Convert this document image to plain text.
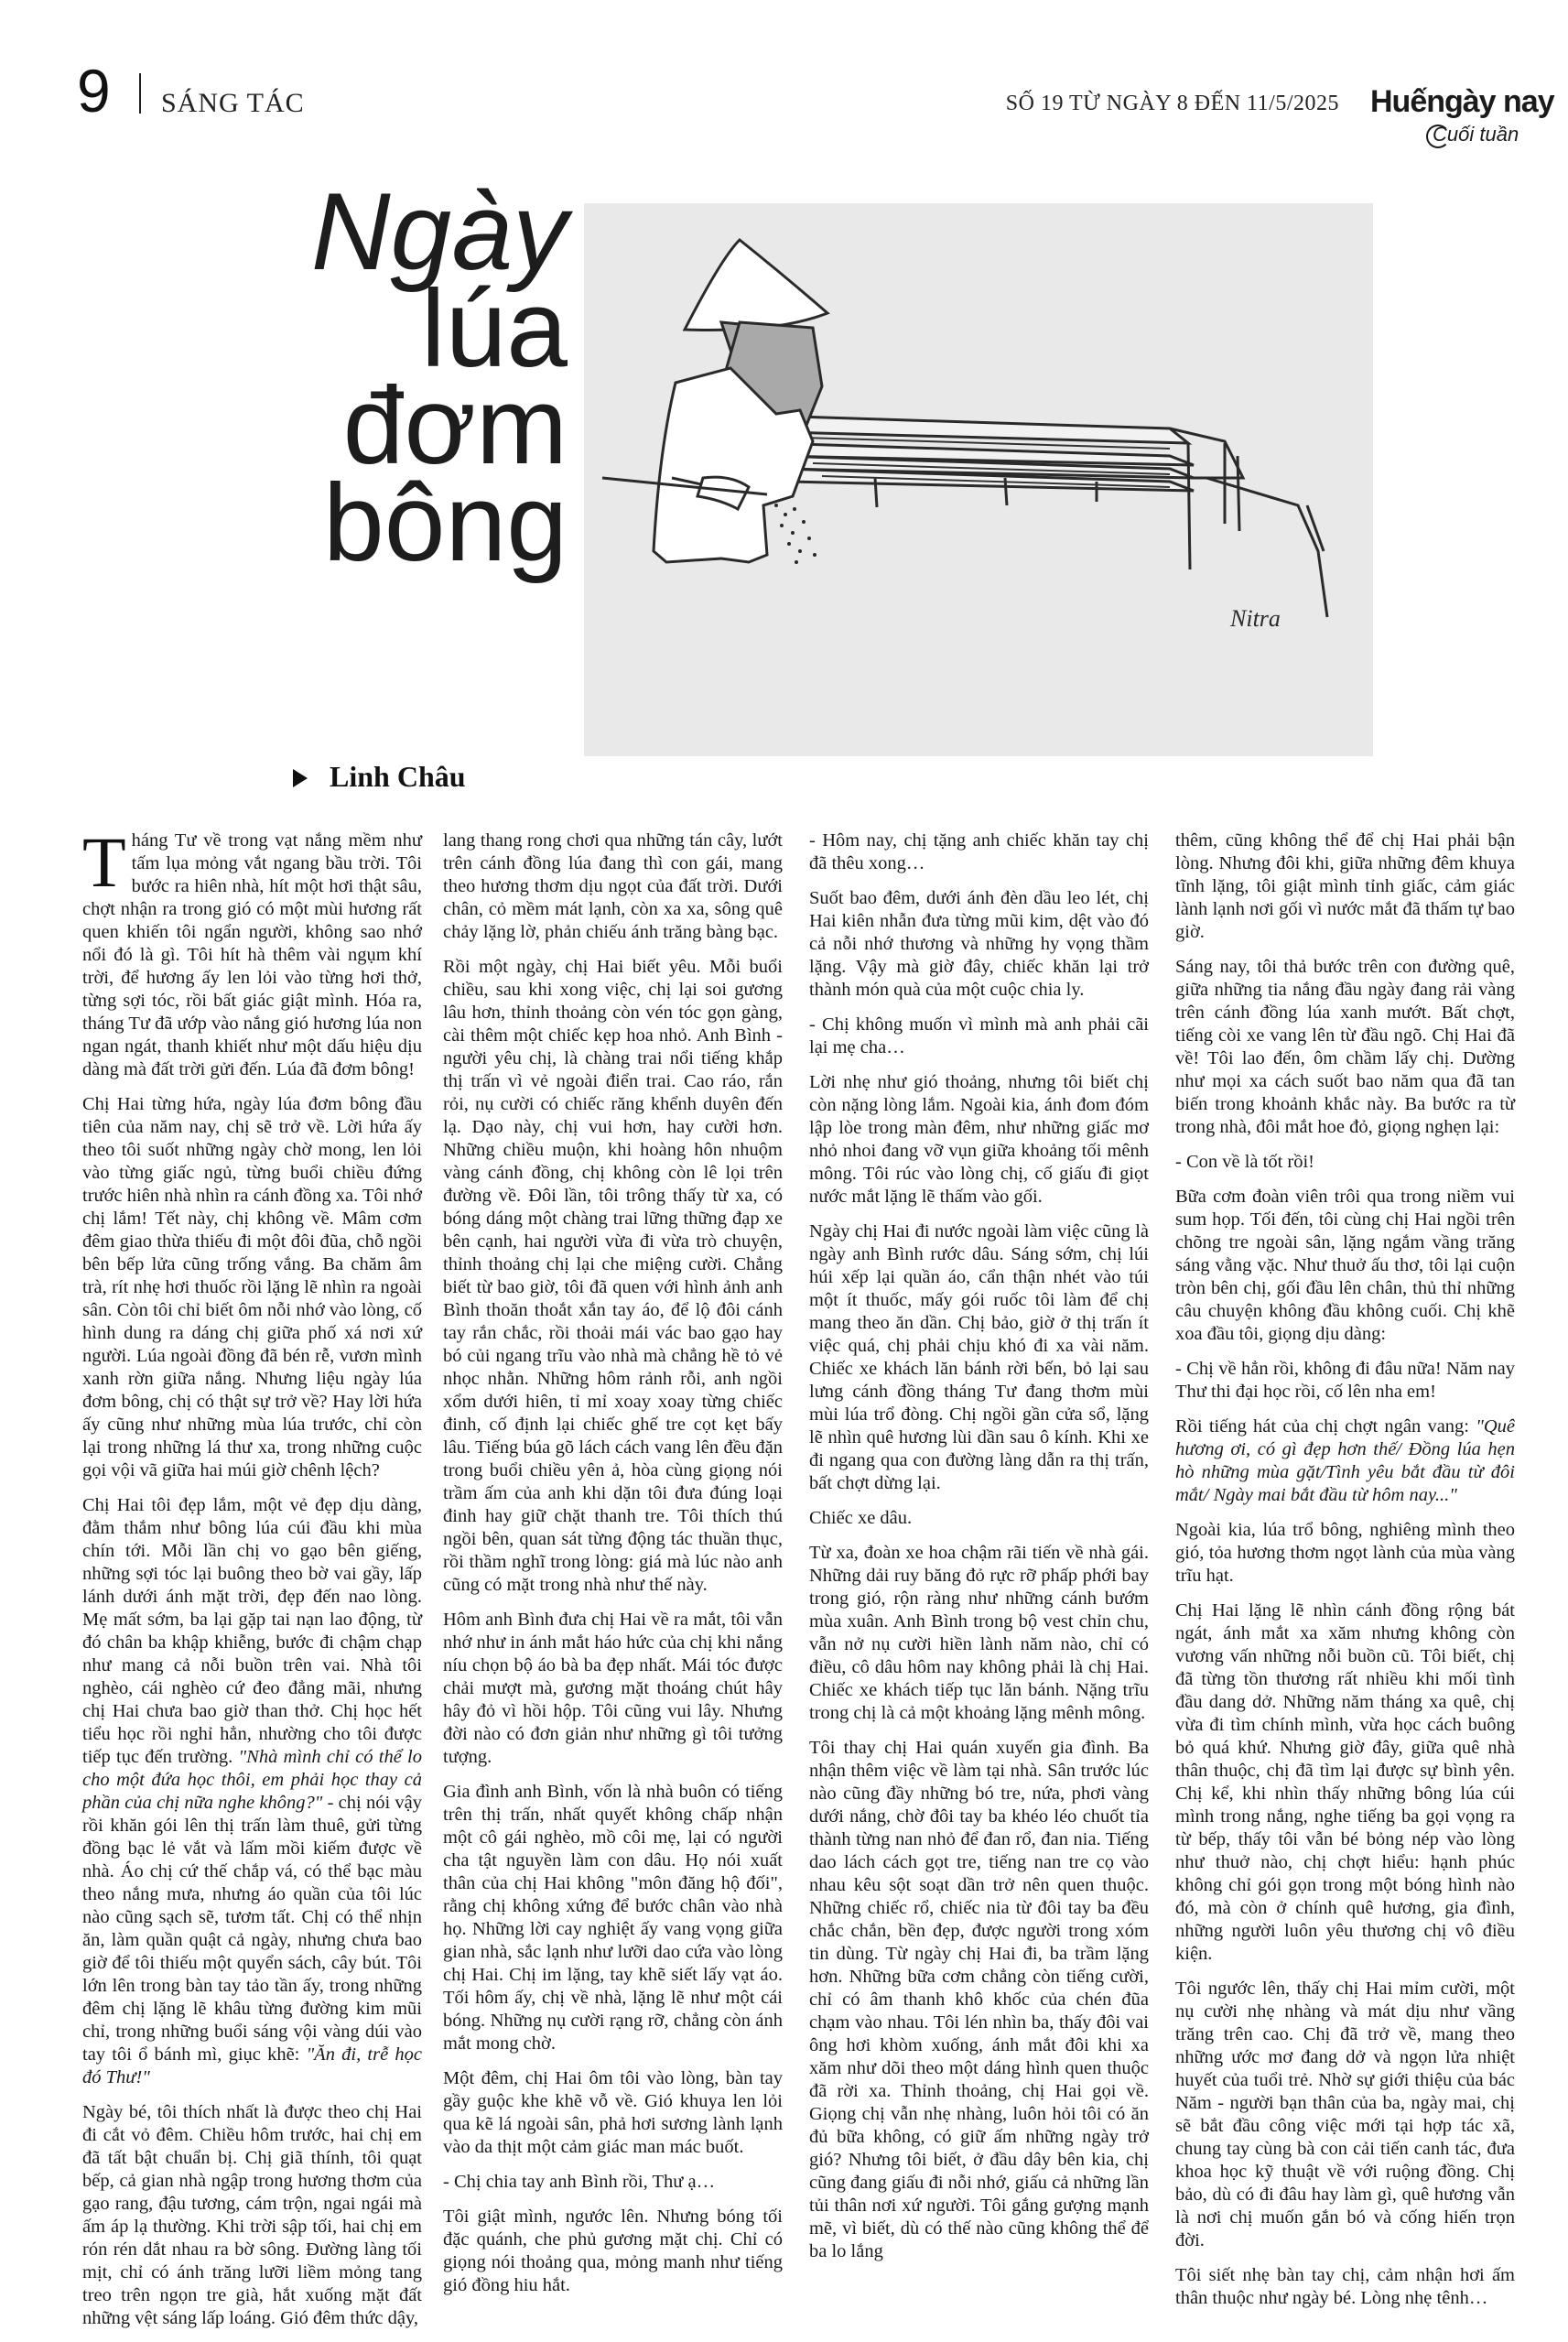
9 SÁNG TÁC	SỐ 19 TỪ NGÀY 8 ĐẾN 11/5/2025 Huếngày nay
Cuối tuần
Ngày
lúa
đơm
bông
Nitra
Linh Châu

Tháng Tư về trong vạt nắng mềm như tấm lụa mỏng vắt ngang bầu trời. Tôi bước ra hiên nhà, hít một hơi thật sâu, chợt nhận ra trong gió có một mùi hương rất quen khiến tôi ngẩn người, không sao nhớ nổi đó là gì. Tôi hít hà thêm vài ngụm khí trời, để hương ấy len lỏi vào từng hơi thở, từng sợi tóc, rồi bất giác giật mình. Hóa ra, tháng Tư đã ướp vào nắng gió hương lúa non ngan ngát, thanh khiết như một dấu hiệu dịu dàng mà đất trời gửi đến. Lúa đã đơm bông!

Chị Hai từng hứa, ngày lúa đơm bông đầu tiên của năm nay, chị sẽ trở về. Lời hứa ấy theo tôi suốt những ngày chờ mong, len lỏi vào từng giấc ngủ, từng buổi chiều đứng trước hiên nhà nhìn ra cánh đồng xa. Tôi nhớ chị lắm! Tết này, chị không về. Mâm cơm đêm giao thừa thiếu đi một đôi đũa, chỗ ngồi bên bếp lửa cũng trống vắng. Ba chăm âm trà, rít nhẹ hơi thuốc rồi lặng lẽ nhìn ra ngoài sân. Còn tôi chỉ biết ôm nỗi nhớ vào lòng, cố hình dung ra dáng chị giữa phố xá nơi xứ người. Lúa ngoài đồng đã bén rễ, vươn mình xanh rờn giữa nắng. Nhưng liệu ngày lúa đơm bông, chị có thật sự trở về? Hay lời hứa ấy cũng như những mùa lúa trước, chỉ còn lại trong những lá thư xa, trong những cuộc gọi vội vã giữa hai múi giờ chênh lệch?

Chị Hai tôi đẹp lắm, một vẻ đẹp dịu dàng, đằm thắm như bông lúa cúi đầu khi mùa chín tới. Mỗi lần chị vo gạo bên giếng, những sợi tóc lại buông theo bờ vai gầy, lấp lánh dưới ánh mặt trời, đẹp đến nao lòng. Mẹ mất sớm, ba lại gặp tai nạn lao động, từ đó chân ba khập khiễng, bước đi chậm chạp như mang cả nỗi buồn trên vai. Nhà tôi nghèo, cái nghèo cứ đeo đẳng mãi, nhưng chị Hai chưa bao giờ than thở. Chị học hết tiểu học rồi nghỉ hẳn, nhường cho tôi được tiếp tục đến trường. "Nhà mình chỉ có thể lo cho một đứa học thôi, em phải học thay cả phần của chị nữa nghe không?" - chị nói vậy rồi khăn gói lên thị trấn làm thuê, gửi từng đồng bạc lẻ vắt và lấm mồi kiếm được về nhà. Áo chị cứ thế chắp vá, có thể bạc màu theo nắng mưa, nhưng áo quần của tôi lúc nào cũng sạch sẽ, tươm tất. Chị có thể nhịn ăn, làm quần quật cả ngày, nhưng chưa bao giờ để tôi thiếu một quyển sách, cây bút. Tôi lớn lên trong bàn tay tảo tần ấy, trong những đêm chị lặng lẽ khâu từng đường kim mũi chỉ, trong những buổi sáng vội vàng dúi vào tay tôi ổ bánh mì, giục khẽ: "Ăn đi, trễ học đó Thư!"

Ngày bé, tôi thích nhất là được theo chị Hai đi cắt vỏ đêm. Chiều hôm trước, hai chị em đã tất bật chuẩn bị. Chị giã thính, tôi quạt bếp, cả gian nhà ngập trong hương thơm của gạo rang, đậu tương, cám trộn, ngai ngái mà ấm áp lạ thường. Khi trời sập tối, hai chị em rón rén dắt nhau ra bờ sông. Đường làng tối mịt, chỉ có ánh trăng lưỡi liềm mỏng tang treo trên ngọn tre già, hắt xuống mặt đất những vệt sáng lấp loáng. Gió đêm thức dậy,

lang thang rong chơi qua những tán cây, lướt trên cánh đồng lúa đang thì con gái, mang theo hương thơm dịu ngọt của đất trời. Dưới chân, cỏ mềm mát lạnh, còn xa xa, sông quê chảy lặng lờ, phản chiếu ánh trăng bàng bạc.

Rồi một ngày, chị Hai biết yêu. Mỗi buổi chiều, sau khi xong việc, chị lại soi gương lâu hơn, thỉnh thoảng còn vén tóc gọn gàng, cài thêm một chiếc kẹp hoa nhỏ. Anh Bình - người yêu chị, là chàng trai nổi tiếng khắp thị trấn vì vẻ ngoài điển trai. Cao ráo, rắn rỏi, nụ cười có chiếc răng khểnh duyên đến lạ. Dạo này, chị vui hơn, hay cười hơn. Những chiều muộn, khi hoàng hôn nhuộm vàng cánh đồng, chị không còn lê lọi trên đường về. Đôi lần, tôi trông thấy từ xa, có bóng dáng một chàng trai lững thững đạp xe bên cạnh, hai người vừa đi vừa trò chuyện, thỉnh thoảng chị lại che miệng cười. Chẳng biết từ bao giờ, tôi đã quen với hình ảnh anh Bình thoăn thoắt xắn tay áo, để lộ đôi cánh tay rắn chắc, rồi thoải mái vác bao gạo hay bó củi ngang trĩu vào nhà mà chẳng hề tỏ vẻ nhọc nhằn. Những hôm rảnh rỗi, anh ngồi xổm dưới hiên, tỉ mỉ xoay xoay từng chiếc đinh, cố định lại chiếc ghế tre cọt kẹt bấy lâu. Tiếng búa gõ lách cách vang lên đều đặn trong buổi chiều yên ả, hòa cùng giọng nói trầm ấm của anh khi dặn tôi đưa đúng loại đinh hay giữ chặt thanh tre. Tôi thích thú ngồi bên, quan sát từng động tác thuần thục, rồi thầm nghĩ trong lòng: giá mà lúc nào anh cũng có mặt trong nhà như thế này.

Hôm anh Bình đưa chị Hai về ra mắt, tôi vẫn nhớ như in ánh mắt háo hức của chị khi nắng níu chọn bộ áo bà ba đẹp nhất. Mái tóc được chải mượt mà, gương mặt thoáng chút hây hây đỏ vì hồi hộp. Tôi cũng vui lây. Nhưng đời nào có đơn giản như những gì tôi tưởng tượng.

Gia đình anh Bình, vốn là nhà buôn có tiếng trên thị trấn, nhất quyết không chấp nhận một cô gái nghèo, mồ côi mẹ, lại có người cha tật nguyền làm con dâu. Họ nói xuất thân của chị Hai không "môn đăng hộ đối", rằng chị không xứng để bước chân vào nhà họ. Những lời cay nghiệt ấy vang vọng giữa gian nhà, sắc lạnh như lưỡi dao cứa vào lòng chị Hai. Chị im lặng, tay khẽ siết lấy vạt áo. Tối hôm ấy, chị về nhà, lặng lẽ như một cái bóng. Những nụ cười rạng rỡ, chẳng còn ánh mắt mong chờ.

Một đêm, chị Hai ôm tôi vào lòng, bàn tay gầy guộc khe khẽ vỗ về. Gió khuya len lỏi qua kẽ lá ngoài sân, phả hơi sương lành lạnh vào da thịt một cảm giác man mác buốt.

- Chị chia tay anh Bình rồi, Thư ạ…

Tôi giật mình, ngước lên. Nhưng bóng tối đặc quánh, che phủ gương mặt chị. Chỉ có giọng nói thoảng qua, mỏng manh như tiếng gió đồng hiu hắt.

- Hôm nay, chị tặng anh chiếc khăn tay chị đã thêu xong…

Suốt bao đêm, dưới ánh đèn dầu leo lét, chị Hai kiên nhẫn đưa từng mũi kim, dệt vào đó cả nỗi nhớ thương và những hy vọng thầm lặng. Vậy mà giờ đây, chiếc khăn lại trở thành món quà của một cuộc chia ly.

- Chị không muốn vì mình mà anh phải cãi lại mẹ cha…

Lời nhẹ như gió thoảng, nhưng tôi biết chị còn nặng lòng lắm. Ngoài kia, ánh đom đóm lập lòe trong màn đêm, như những giấc mơ nhỏ nhoi đang vỡ vụn giữa khoảng tối mênh mông. Tôi rúc vào lòng chị, cố giấu đi giọt nước mắt lặng lẽ thấm vào gối.

Ngày chị Hai đi nước ngoài làm việc cũng là ngày anh Bình rước dâu. Sáng sớm, chị lúi húi xếp lại quần áo, cẩn thận nhét vào túi một ít thuốc, mấy gói ruốc tôi làm để chị mang theo ăn dần. Chị bảo, giờ ở thị trấn ít việc quá, chị phải chịu khó đi xa vài năm. Chiếc xe khách lăn bánh rời bến, bỏ lại sau lưng cánh đồng tháng Tư đang thơm mùi mùi lúa trổ đòng. Chị ngồi gần cửa sổ, lặng lẽ nhìn quê hương lùi dần sau ô kính. Khi xe đi ngang qua con đường làng dẫn ra thị trấn, bất chợt dừng lại.

Chiếc xe dâu.

Từ xa, đoàn xe hoa chậm rãi tiến về nhà gái. Những dải ruy băng đỏ rực rỡ phấp phới bay trong gió, rộn ràng như những cánh bướm mùa xuân. Anh Bình trong bộ vest chỉn chu, vẫn nở nụ cười hiền lành năm nào, chỉ có điều, cô dâu hôm nay không phải là chị Hai. Chiếc xe khách tiếp tục lăn bánh. Nặng trĩu trong chị là cả một khoảng lặng mênh mông.

Tôi thay chị Hai quán xuyến gia đình. Ba nhận thêm việc về làm tại nhà. Sân trước lúc nào cũng đầy những bó tre, nứa, phơi vàng dưới nắng, chờ đôi tay ba khéo léo chuốt tỉa thành từng nan nhỏ để đan rổ, đan nia. Tiếng dao lách cách gọt tre, tiếng nan tre cọ vào nhau kêu sột soạt dần trở nên quen thuộc. Những chiếc rổ, chiếc nia từ đôi tay ba đều chắc chắn, bền đẹp, được người trong xóm tin dùng. Từ ngày chị Hai đi, ba trầm lặng hơn. Những bữa cơm chẳng còn tiếng cười, chỉ có âm thanh khô khốc của chén đũa chạm vào nhau. Tôi lén nhìn ba, thấy đôi vai ông hơi khòm xuống, ánh mắt đôi khi xa xăm như dõi theo một dáng hình quen thuộc đã rời xa. Thỉnh thoảng, chị Hai gọi về. Giọng chị vẫn nhẹ nhàng, luôn hỏi tôi có ăn đủ bữa không, có giữ ấm những ngày trở gió? Nhưng tôi biết, ở đầu dây bên kia, chị cũng đang giấu đi nỗi nhớ, giấu cả những lần tủi thân nơi xứ người. Tôi gắng gượng mạnh mẽ, vì biết, dù có thế nào cũng không thể để ba lo lắng

thêm, cũng không thể để chị Hai phải bận lòng. Nhưng đôi khi, giữa những đêm khuya tĩnh lặng, tôi giật mình tỉnh giấc, cảm giác lành lạnh nơi gối vì nước mắt đã thấm tự bao giờ.

Sáng nay, tôi thả bước trên con đường quê, giữa những tia nắng đầu ngày đang rải vàng trên cánh đồng lúa xanh mướt. Bất chợt, tiếng còi xe vang lên từ đầu ngõ. Chị Hai đã về! Tôi lao đến, ôm chầm lấy chị. Dường như mọi xa cách suốt bao năm qua đã tan biến trong khoảnh khắc này. Ba bước ra từ trong nhà, đôi mắt hoe đỏ, giọng nghẹn lại:

- Con về là tốt rồi!

Bữa cơm đoàn viên trôi qua trong niềm vui sum họp. Tối đến, tôi cùng chị Hai ngồi trên chõng tre ngoài sân, lặng ngắm vầng trăng sáng vằng vặc. Như thuở ấu thơ, tôi lại cuộn tròn bên chị, gối đầu lên chân, thủ thỉ những câu chuyện không đầu không cuối. Chị khẽ xoa đầu tôi, giọng dịu dàng:

- Chị về hẳn rồi, không đi đâu nữa! Năm nay Thư thi đại học rồi, cố lên nha em!

Rồi tiếng hát của chị chợt ngân vang: "Quê hương ơi, có gì đẹp hơn thế/ Đồng lúa hẹn hò những mùa gặt/Tình yêu bắt đầu từ đôi mắt/ Ngày mai bắt đầu từ hôm nay..."

Ngoài kia, lúa trổ bông, nghiêng mình theo gió, tỏa hương thơm ngọt lành của mùa vàng trĩu hạt.

Chị Hai lặng lẽ nhìn cánh đồng rộng bát ngát, ánh mắt xa xăm nhưng không còn vương vấn những nỗi buồn cũ. Tôi biết, chị đã từng tồn thương rất nhiều khi mối tình đầu dang dở. Những năm tháng xa quê, chị vừa đi tìm chính mình, vừa học cách buông bỏ quá khứ. Nhưng giờ đây, giữa quê nhà thân thuộc, chị đã tìm lại được sự bình yên. Chị kể, khi nhìn thấy những bông lúa cúi mình trong nắng, nghe tiếng ba gọi vọng ra từ bếp, thấy tôi vẫn bé bỏng nép vào lòng như thuở nào, chị chợt hiểu: hạnh phúc không chỉ gói gọn trong một bóng hình nào đó, mà còn ở chính quê hương, gia đình, những người luôn yêu thương chị vô điều kiện.

Tôi ngước lên, thấy chị Hai mỉm cười, một nụ cười nhẹ nhàng và mát dịu như vầng trăng trên cao. Chị đã trở về, mang theo những ước mơ đang dở và ngọn lửa nhiệt huyết của tuổi trẻ. Nhờ sự giới thiệu của bác Năm - người bạn thân của ba, ngày mai, chị sẽ bắt đầu công việc mới tại hợp tác xã, chung tay cùng bà con cải tiến canh tác, đưa khoa học kỹ thuật về với ruộng đồng. Chị bảo, dù có đi đâu hay làm gì, quê hương vẫn là nơi chị muốn gắn bó và cống hiến trọn đời.

Tôi siết nhẹ bàn tay chị, cảm nhận hơi ấm thân thuộc như ngày bé. Lòng nhẹ tênh…
